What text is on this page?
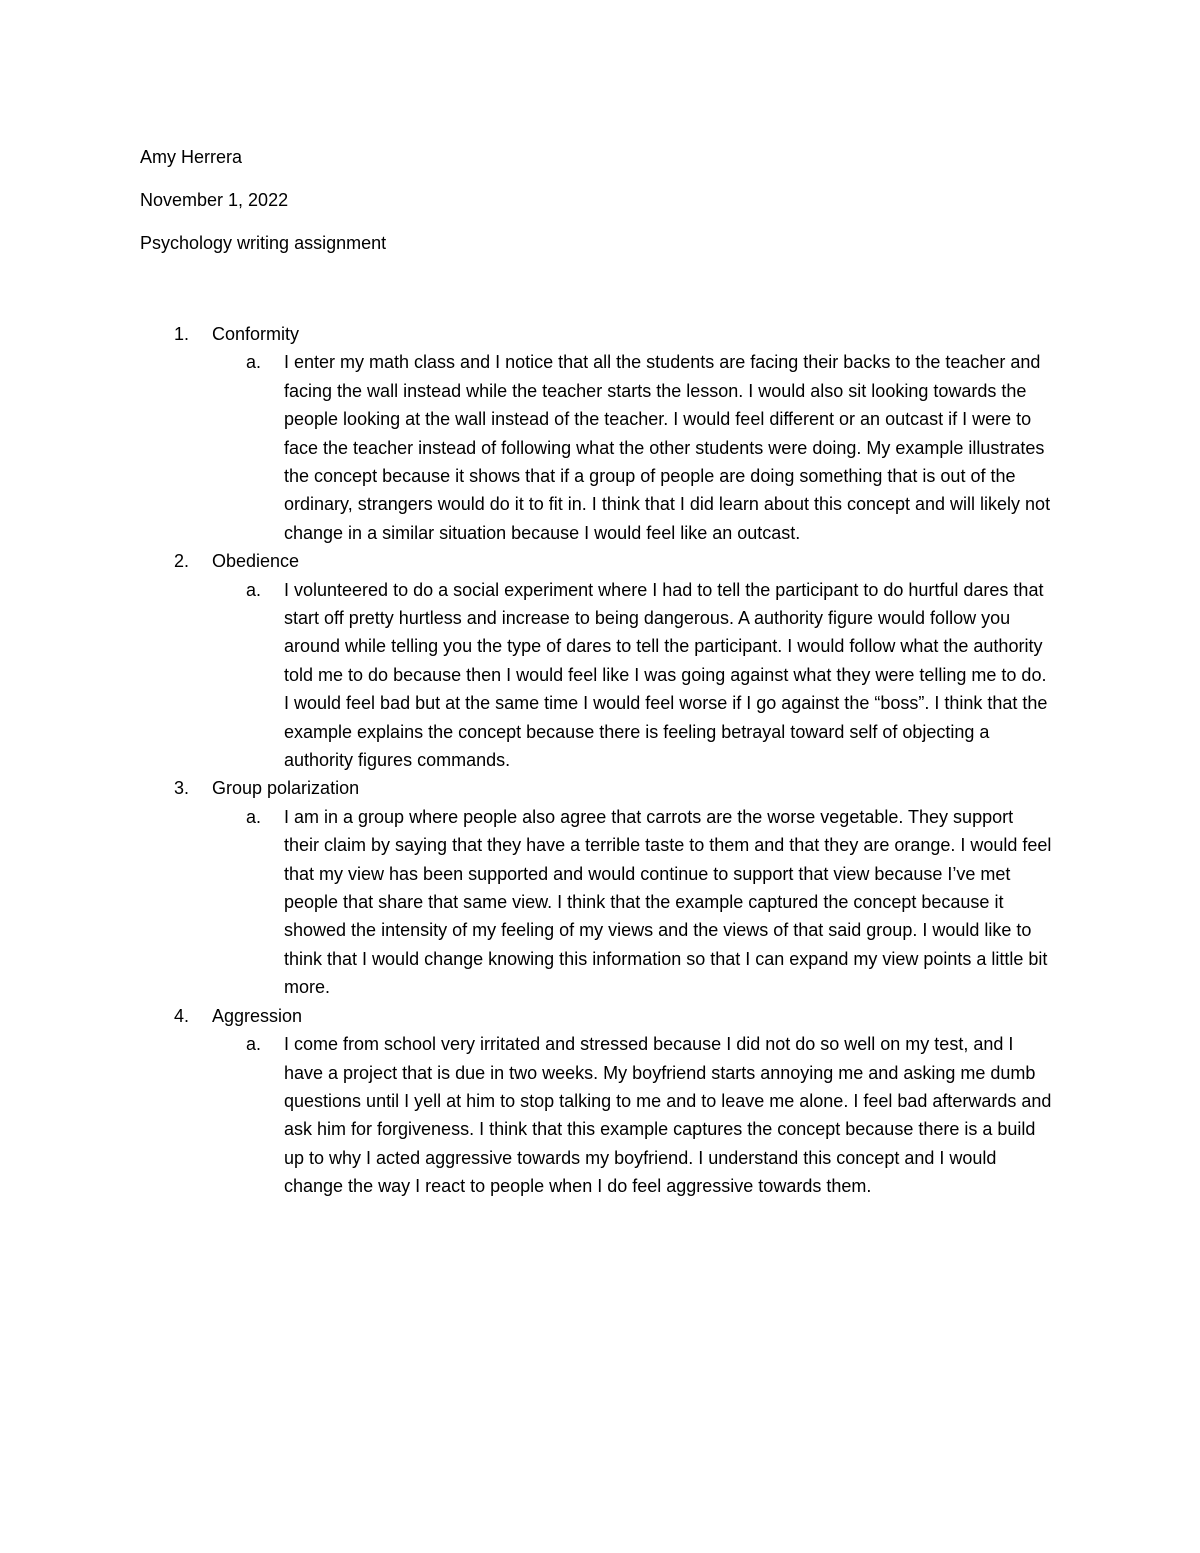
Amy Herrera
November 1, 2022
Psychology writing assignment
1.	Conformity
a. I enter my math class and I notice that all the students are facing their backs to the teacher and facing the wall instead while the teacher starts the lesson. I would also sit looking towards the people looking at the wall instead of the teacher. I would feel different or an outcast if I were to face the teacher instead of following what the other students were doing. My example illustrates the concept because it shows that if a group of people are doing something that is out of the ordinary, strangers would do it to fit in. I think that I did learn about this concept and will likely not change in a similar situation because I would feel like an outcast.
2.	Obedience
a. I volunteered to do a social experiment where I had to tell the participant to do hurtful dares that start off pretty hurtless and increase to being dangerous. A authority figure would follow you around while telling you the type of dares to tell the participant. I would follow what the authority told me to do because then I would feel like I was going against what they were telling me to do. I would feel bad but at the same time I would feel worse if I go against the “boss”. I think that the example explains the concept because there is feeling betrayal toward self of objecting a authority figures commands.
3.	Group polarization
a. I am in a group where people also agree that carrots are the worse vegetable. They support their claim by saying that they have a terrible taste to them and that they are orange. I would feel that my view has been supported and would continue to support that view because I’ve met people that share that same view. I think that the example captured the concept because it showed the intensity of my feeling of my views and the views of that said group. I would like to think that I would change knowing this information so that I can expand my view points a little bit more.
4.	Aggression
a. I come from school very irritated and stressed because I did not do so well on my test, and I have a project that is due in two weeks. My boyfriend starts annoying me and asking me dumb questions until I yell at him to stop talking to me and to leave me alone. I feel bad afterwards and ask him for forgiveness. I think that this example captures the concept because there is a build up to why I acted aggressive towards my boyfriend. I understand this concept and I would change the way I react to people when I do feel aggressive towards them.
